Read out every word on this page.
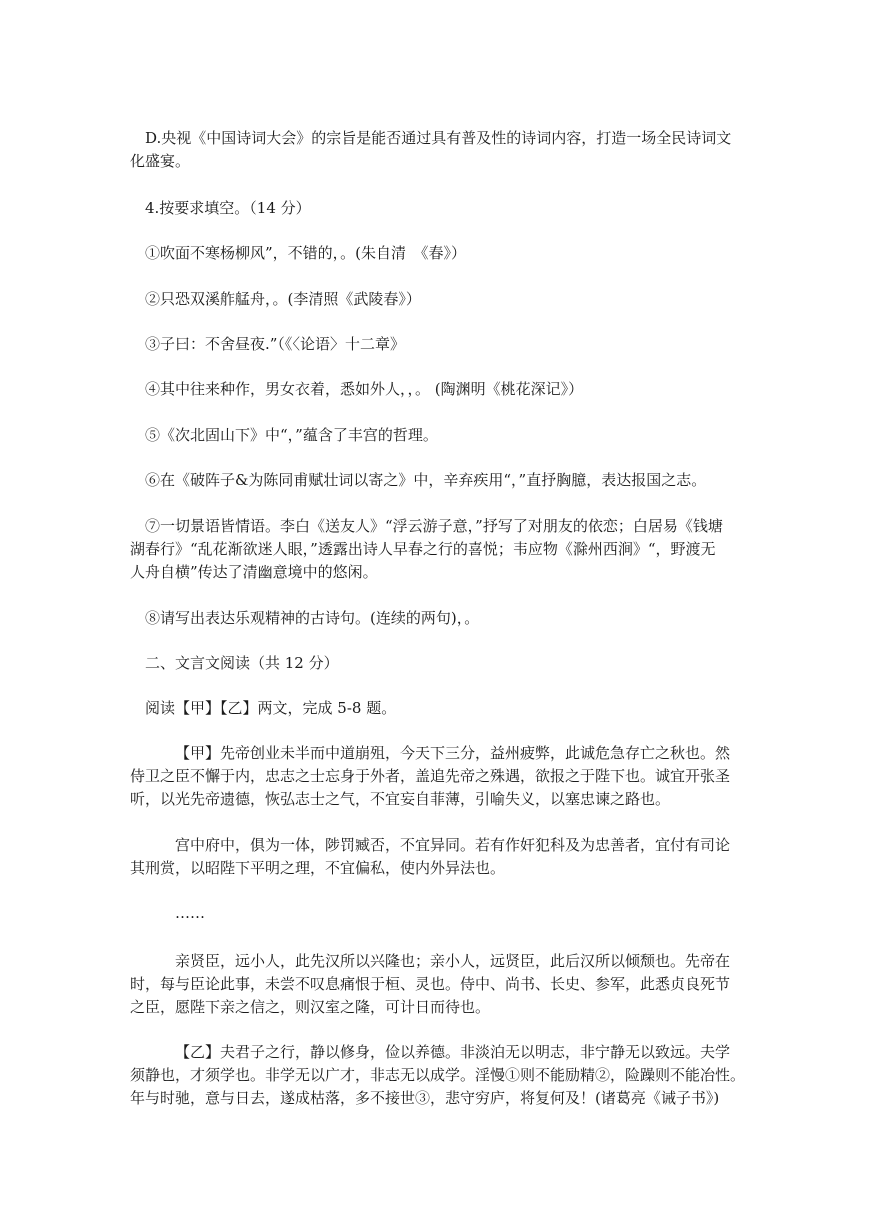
D.央视《中国诗词大会》的宗旨是能否通过具有普及性的诗词内容，打造一场全民诗词文
化盛宴。

4.按要求填空。（14 分）

①吹面不寒杨柳风”，不错的，。(朱自清　《春》）

②只恐双溪舴艋舟，。(李清照《武陵春》）

③子曰：不舍昼夜.”（《〈论语〉十二章》

④其中往来种作，男女衣着，悉如外人，，。 (陶渊明《桃花深记》）

⑤《次北固山下》中“，”蕴含了丰宫的哲理。

⑥在《破阵子&为陈同甫赋壮词以寄之》中，辛弃疾用“，”直抒胸臆，表达报国之志。

⑦一切景语皆情语。李白《送友人》“浮云游子意，”抒写了对朋友的依恋；白居易《钱塘
湖春行》“乱花渐欲迷人眼，”透露出诗人早春之行的喜悦；韦应物《滁州西涧》“，野渡无
人舟自横”传达了清幽意境中的悠闲。

⑧请写出表达乐观精神的古诗句。(连续的两句)，。

二、文言文阅读（共 12 分）

阅读【甲】【乙】两文，完成 5-8 题。

【甲】先帝创业未半而中道崩殂，今天下三分，益州疲弊，此诚危急存亡之秋也。然
侍卫之臣不懈于内，忠志之士忘身于外者，盖追先帝之殊遇，欲报之于陛下也。诚宜开张圣
听，以光先帝遗德，恢弘志士之气，不宜妄自菲薄，引喻失义，以塞忠谏之路也。

宫中府中，俱为一体，陟罚臧否，不宜异同。若有作奸犯科及为忠善者，宜付有司论
其刑赏，以昭陛下平明之理，不宜偏私，使内外异法也。

……

亲贤臣，远小人，此先汉所以兴隆也；亲小人，远贤臣，此后汉所以倾颓也。先帝在
时，每与臣论此事，未尝不叹息痛恨于桓、灵也。侍中、尚书、长史、参军，此悉贞良死节
之臣，愿陛下亲之信之，则汉室之隆，可计日而待也。

【乙】夫君子之行，静以修身，俭以养德。非淡泊无以明志，非宁静无以致远。夫学
须静也，才须学也。非学无以广才，非志无以成学。淫慢①则不能励精②，险躁则不能冶性。
年与时驰，意与日去，遂成枯落，多不接世③，悲守穷庐，将复何及！(诸葛亮《诫子书》)
